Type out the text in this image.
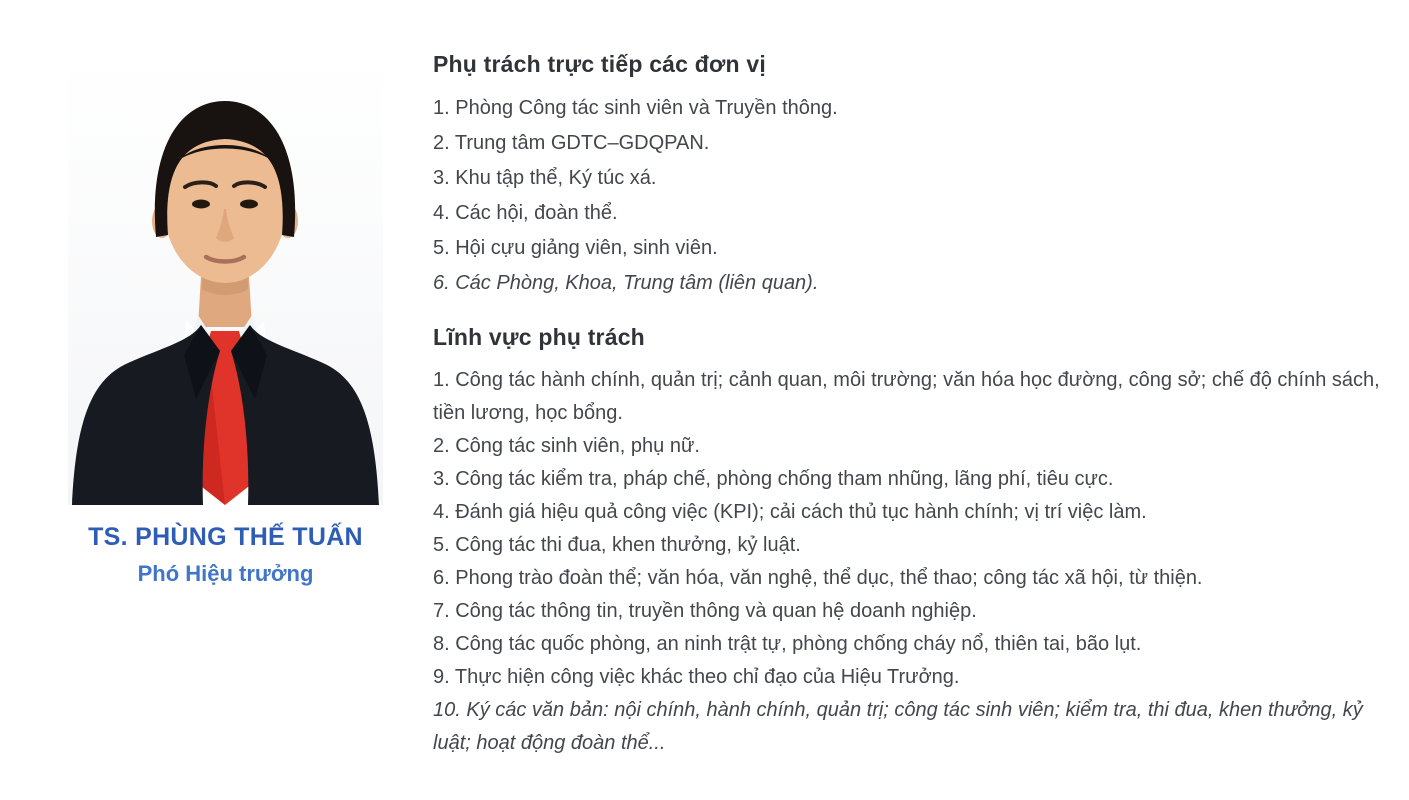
TS. PHÙNG THẾ TUẤN
Phó Hiệu trưởng
Phụ trách trực tiếp các đơn vị
1. Phòng Công tác sinh viên và Truyền thông.
2. Trung tâm GDTC–GDQPAN.
3. Khu tập thể, Ký túc xá.
4. Các hội, đoàn thể.
5. Hội cựu giảng viên, sinh viên.
6. Các Phòng, Khoa, Trung tâm (liên quan).
Lĩnh vực phụ trách
1. Công tác hành chính, quản trị; cảnh quan, môi trường; văn hóa học đường, công sở; chế độ chính sách, tiền lương, học bổng.
2. Công tác sinh viên, phụ nữ.
3. Công tác kiểm tra, pháp chế, phòng chống tham nhũng, lãng phí, tiêu cực.
4. Đánh giá hiệu quả công việc (KPI); cải cách thủ tục hành chính; vị trí việc làm.
5. Công tác thi đua, khen thưởng, kỷ luật.
6. Phong trào đoàn thể; văn hóa, văn nghệ, thể dục, thể thao; công tác xã hội, từ thiện.
7. Công tác thông tin, truyền thông và quan hệ doanh nghiệp.
8. Công tác quốc phòng, an ninh trật tự, phòng chống cháy nổ, thiên tai, bão lụt.
9. Thực hiện công việc khác theo chỉ đạo của Hiệu Trưởng.
10. Ký các văn bản: nội chính, hành chính, quản trị; công tác sinh viên; kiểm tra, thi đua, khen thưởng, kỷ luật; hoạt động đoàn thể...
